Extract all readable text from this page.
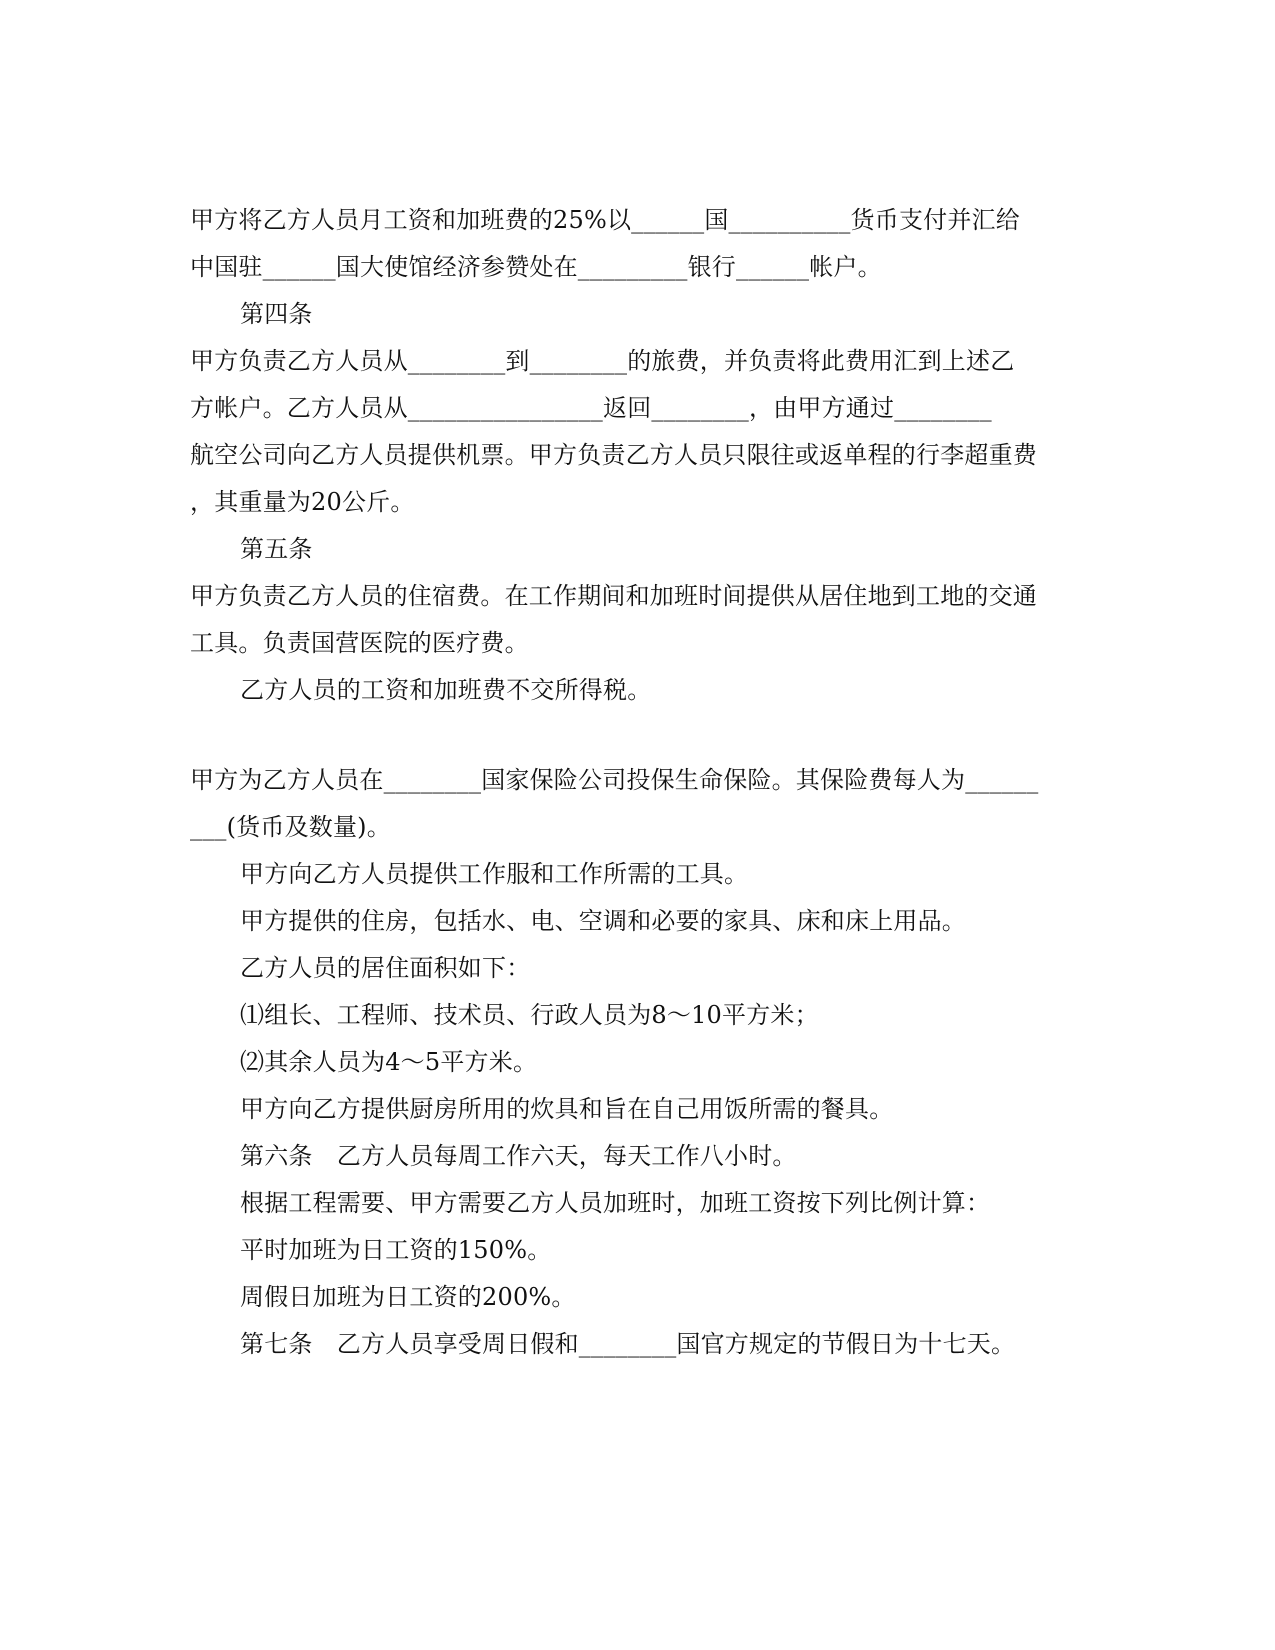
甲方将乙方人员月工资和加班费的25%以______国__________货币支付并汇给
中国驻______国大使馆经济参赞处在_________银行______帐户。
第四条
甲方负责乙方人员从________到________的旅费，并负责将此费用汇到上述乙
方帐户。乙方人员从________________返回________，由甲方通过________
航空公司向乙方人员提供机票。甲方负责乙方人员只限往或返单程的行李超重费
，其重量为20公斤。
第五条
甲方负责乙方人员的住宿费。在工作期间和加班时间提供从居住地到工地的交通
工具。负责国营医院的医疗费。
乙方人员的工资和加班费不交所得税。
甲方为乙方人员在________国家保险公司投保生命保险。其保险费每人为______
___(货币及数量)。
甲方向乙方人员提供工作服和工作所需的工具。
甲方提供的住房，包括水、电、空调和必要的家具、床和床上用品。
乙方人员的居住面积如下：
⑴组长、工程师、技术员、行政人员为8～10平方米；
⑵其余人员为4～5平方米。
甲方向乙方提供厨房所用的炊具和旨在自己用饭所需的餐具。
第六条　乙方人员每周工作六天，每天工作八小时。
根据工程需要、甲方需要乙方人员加班时，加班工资按下列比例计算：
平时加班为日工资的150%。
周假日加班为日工资的200%。
第七条　乙方人员享受周日假和________国官方规定的节假日为十七天。
